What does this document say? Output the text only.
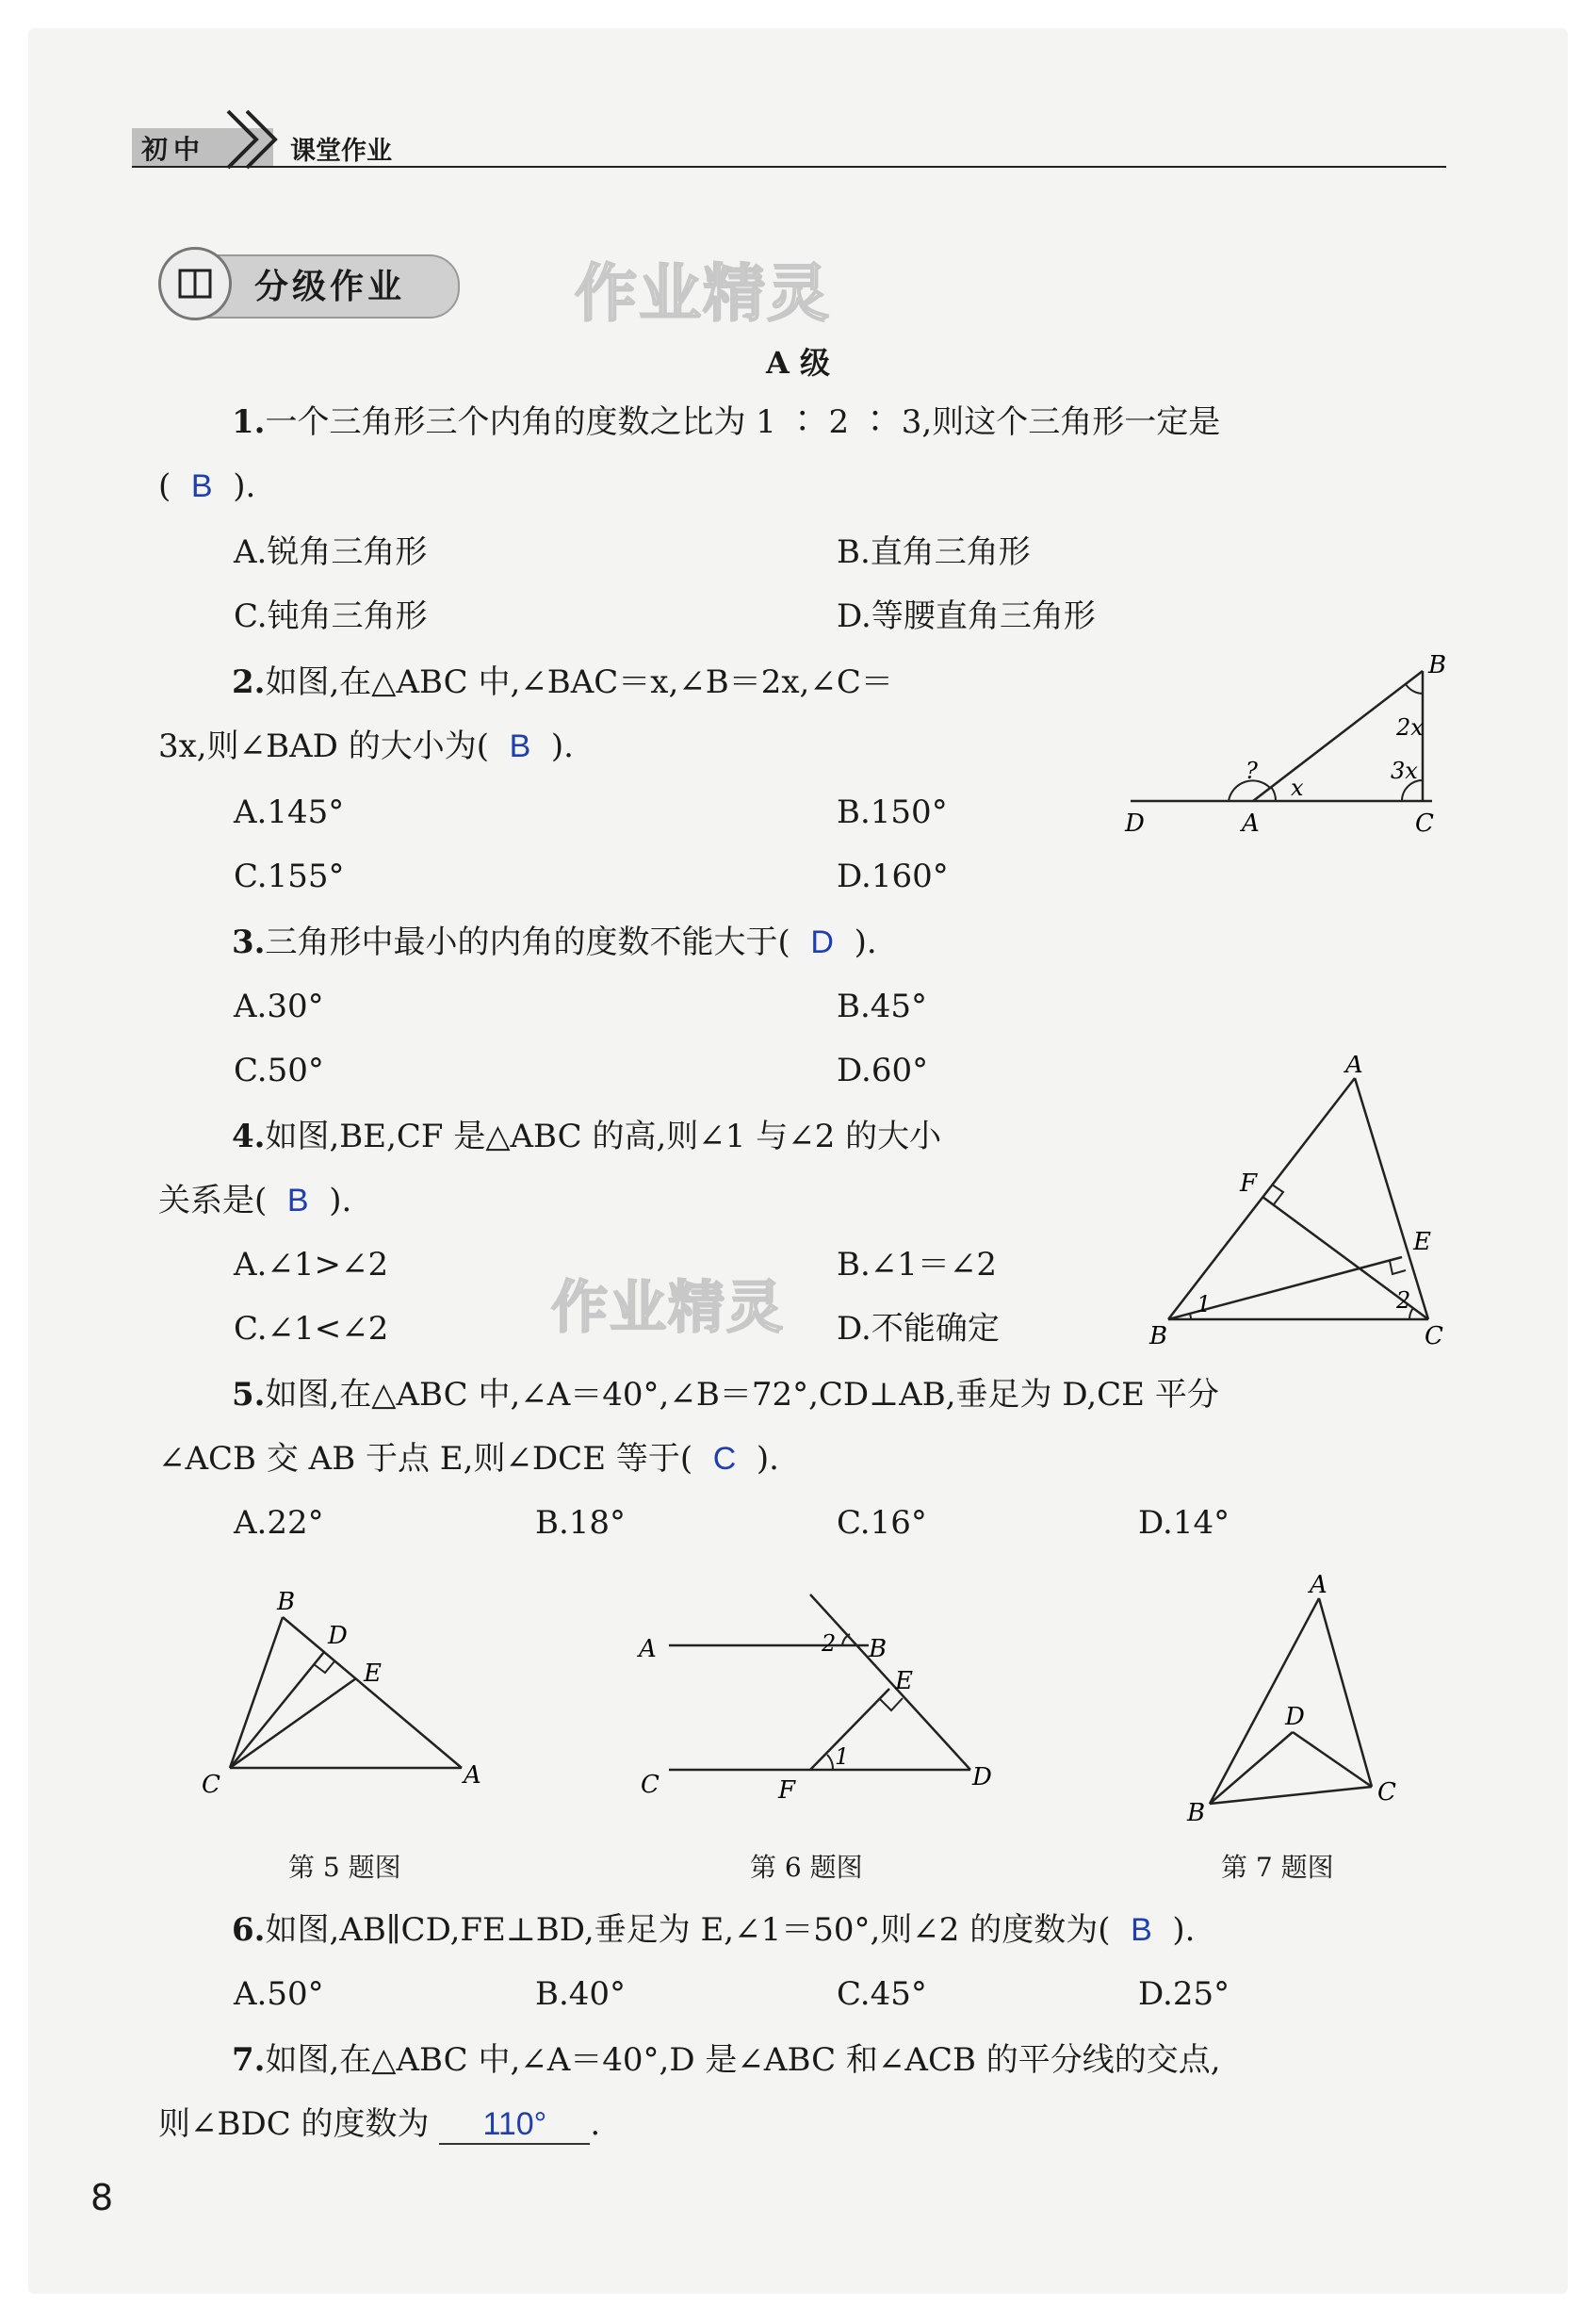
初中	课堂作业
分级作业	作业精灵
A 级
1.一个三角形三个内角的度数之比为 1 ∶ 2 ∶ 3,则这个三角形一定是
( B ).
A.锐角三角形	B.直角三角形
C.钝角三角形	D.等腰直角三角形
2.如图,在△ABC 中,∠BAC＝x,∠B＝2x,∠C＝
3x,则∠BAD 的大小为( B ).
A.145°	B.150°
C.155°	D.160°
B
2x
3x
x
?
D	A	C
3.三角形中最小的内角的度数不能大于( D ).
A.30°	B.45°
C.50°	D.60°
4.如图,BE,CF 是△ABC 的高,则∠1 与∠2 的大小
关系是( B ).
A.∠1>∠2	B.∠1＝∠2
C.∠1<∠2	D.不能确定
作业精灵
A
F
E
1	2
B	C
5.如图,在△ABC 中,∠A＝40°,∠B＝72°,CD⊥AB,垂足为 D,CE 平分
∠ACB 交 AB 于点 E,则∠DCE 等于( C ).
A.22°	B.18°	C.16°	D.14°
B
D
E
C	A
A	2 B
E
C	F
1
D
A
D
B
C
第 5 题图	第 6 题图	第 7 题图
6.如图,AB∥CD,FE⊥BD,垂足为 E,∠1＝50°,则∠2 的度数为( B ).
A.50°	B.40°	C.45°	D.25°
7.如图,在△ABC 中,∠A＝40°,D 是∠ABC 和∠ACB 的平分线的交点,
则∠BDC 的度数为 110° .
8
